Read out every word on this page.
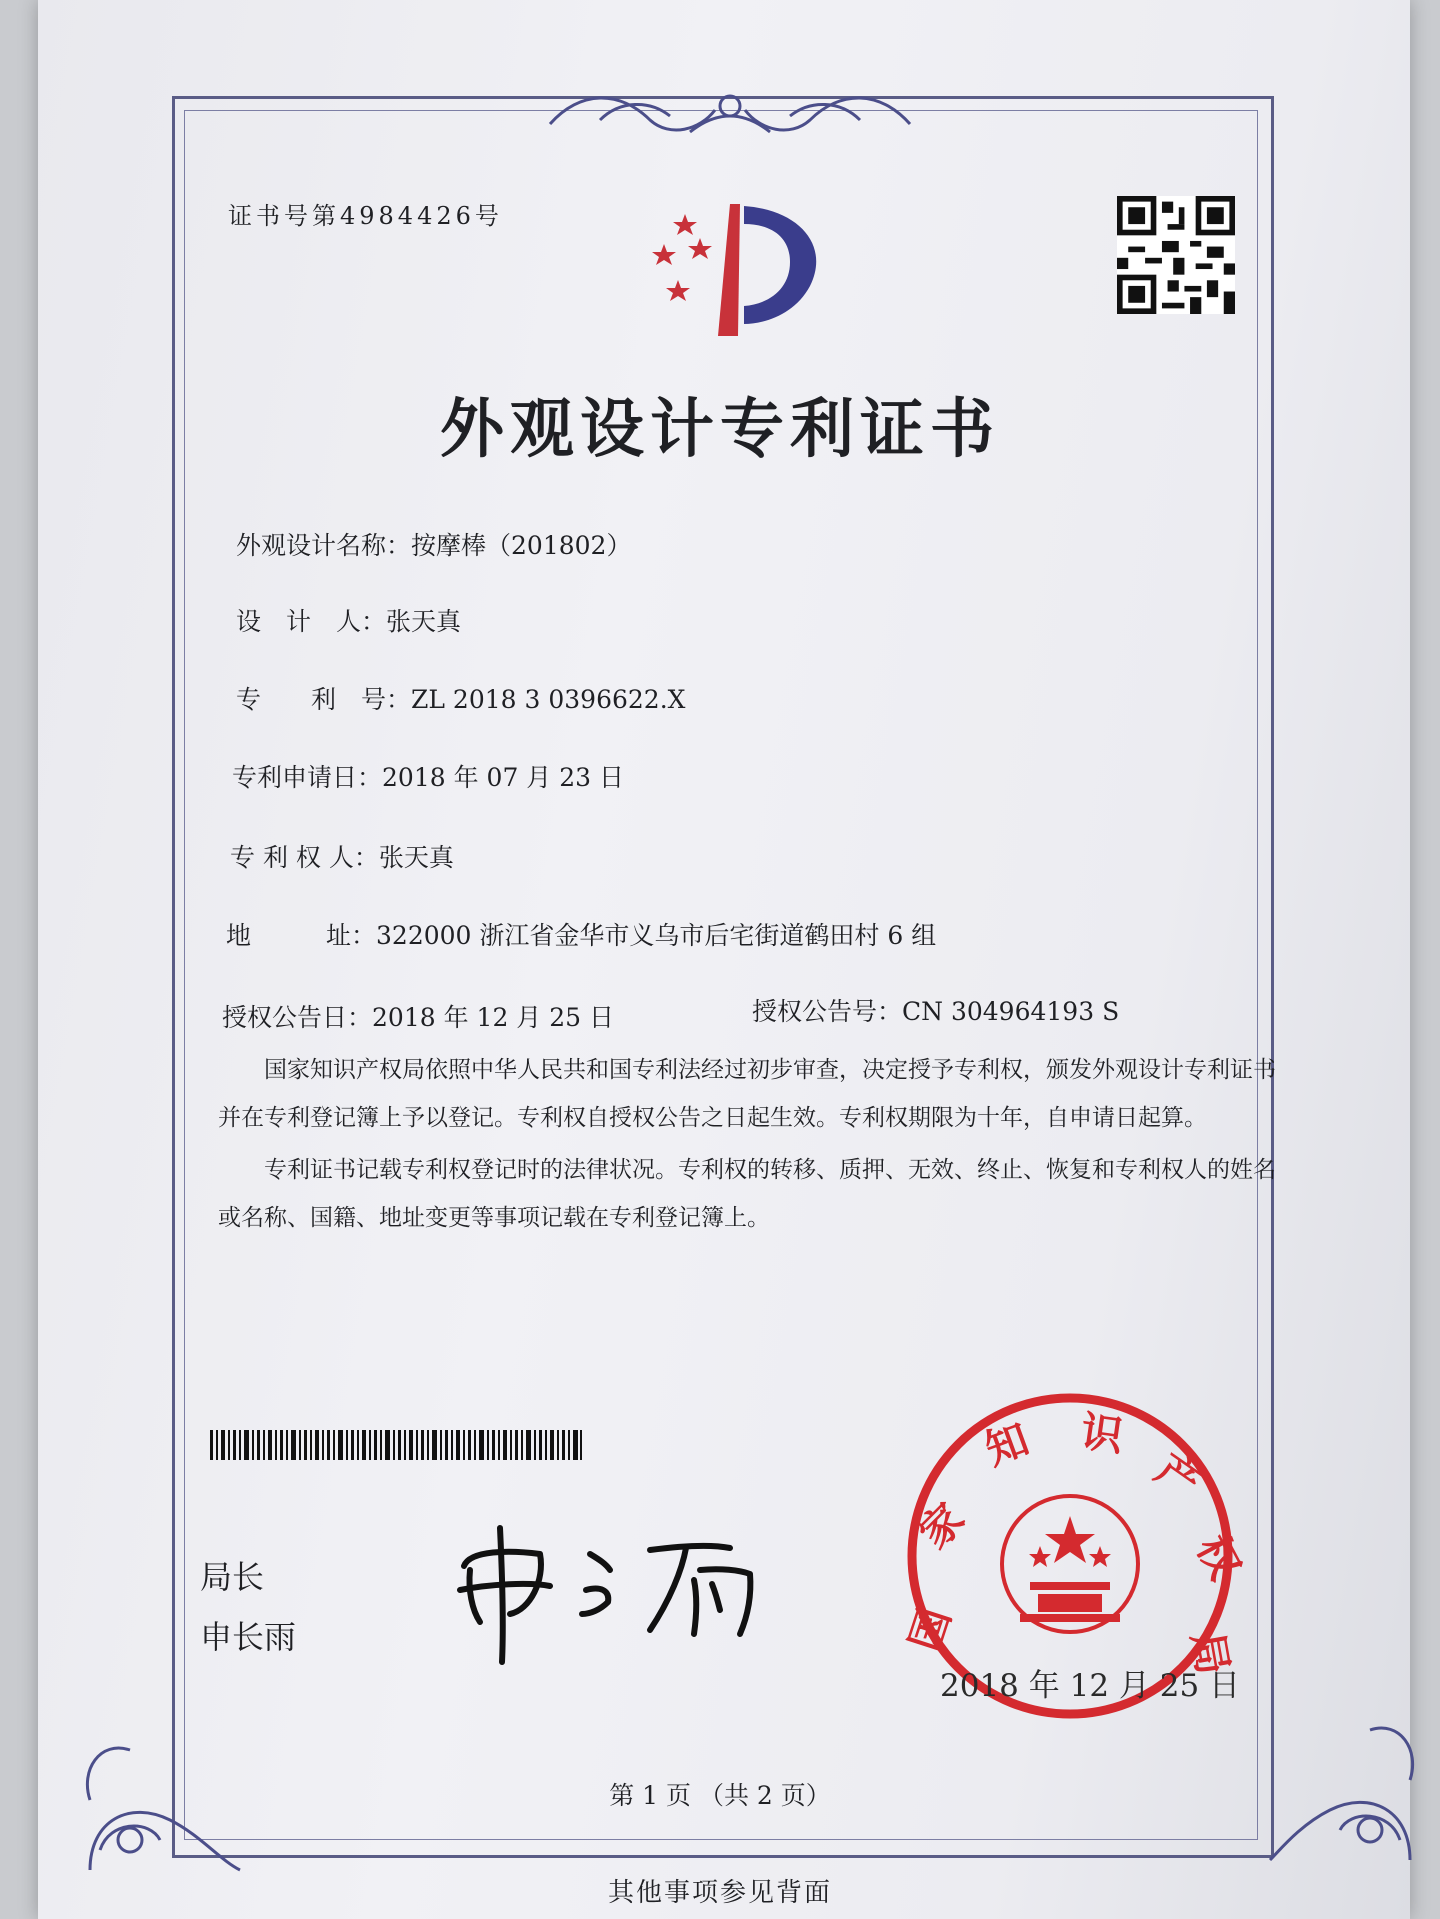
证书号第4984426号
外观设计专利证书
外观设计名称：按摩棒（201802）
设　计　人：张天真
专　　利　号：ZL 2018 3 0396622.X
专利申请日：2018 年 07 月 23 日
专 利 权 人：张天真
地　　　址：322000 浙江省金华市义乌市后宅街道鹤田村 6 组
授权公告日：2018 年 12 月 25 日	授权公告号：CN 304964193 S

国家知识产权局依照中华人民共和国专利法经过初步审查，决定授予专利权，颁发外观设计专利证书并在专利登记簿上予以登记。专利权自授权公告之日起生效。专利权期限为十年，自申请日起算。

专利证书记载专利权登记时的法律状况。专利权的转移、质押、无效、终止、恢复和专利权人的姓名或名称、国籍、地址变更等事项记载在专利登记簿上。

局长
申长雨	国
家
知 识
产
权
局
2018 年 12 月 25 日
第 1 页 （共 2 页）
其他事项参见背面
